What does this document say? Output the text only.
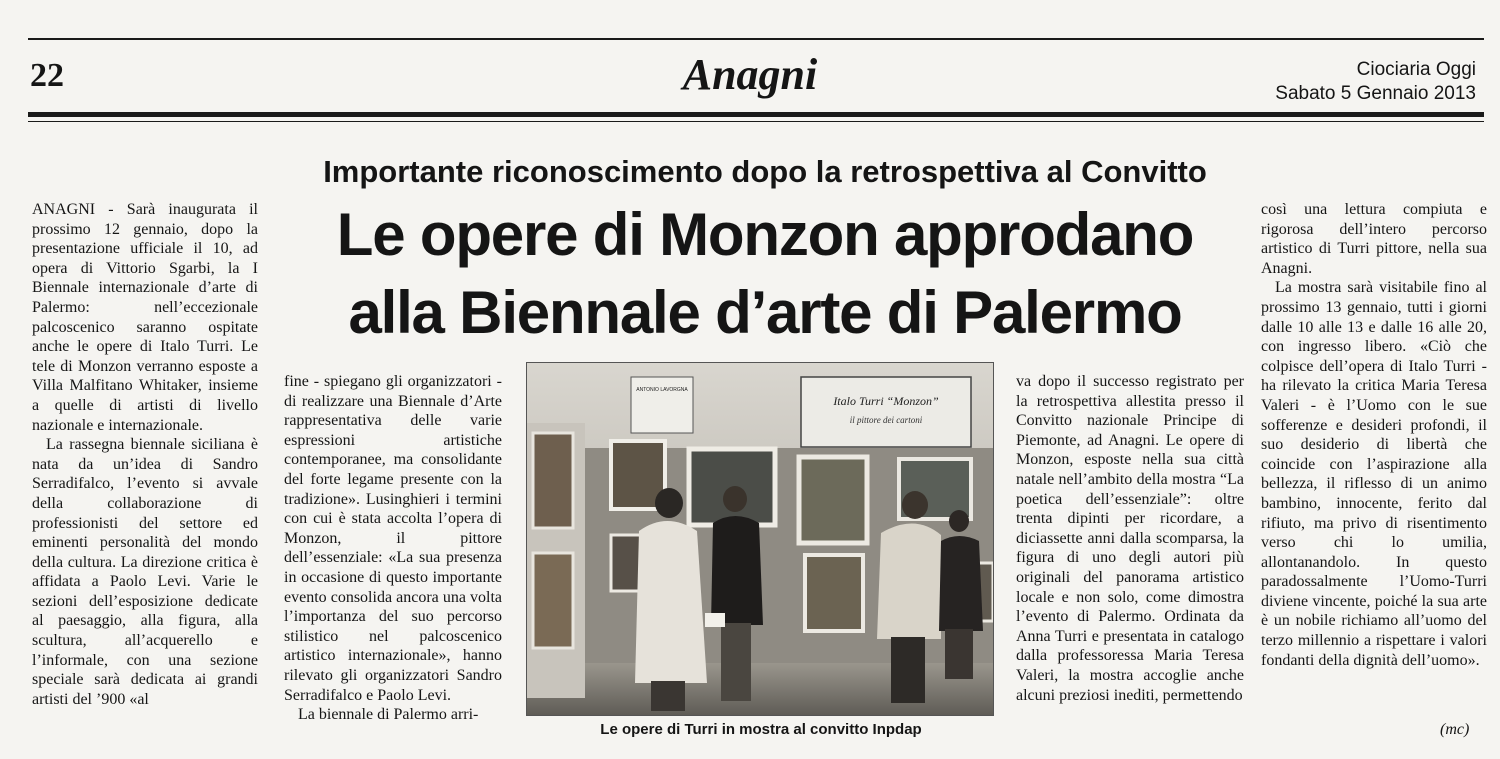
22	Anagni	Ciociaria Oggi
Sabato 5 Gennaio 2013
Importante riconoscimento dopo la retrospettiva al Convitto
Le opere di Monzon approdano
alla Biennale d’arte di Palermo

ANAGNI - Sarà inaugurata il prossimo 12 gennaio, dopo la presentazione ufficiale il 10, ad opera di Vittorio Sgarbi, la I Biennale internazionale d’arte di Palermo: nell’eccezionale palcoscenico saranno ospitate anche le opere di Italo Turri. Le tele di Monzon verranno esposte a Villa Malfitano Whitaker, insieme a quelle di artisti di livello nazionale e internazionale.

La rassegna biennale siciliana è nata da un’idea di Sandro Serradifalco, l’evento si avvale della collaborazione di professionisti del settore ed eminenti personalità del mondo della cultura. La direzione critica è affidata a Paolo Levi. Varie le sezioni dell’esposizione dedicate al paesaggio, alla figura, alla scultura, all’acquerello e l’informale, con una sezione speciale sarà dedicata ai grandi artisti del ’900 «al

fine - spiegano gli organizzatori - di realizzare una Biennale d’Arte rappresentativa delle varie espressioni artistiche contemporanee, ma consolidante del forte legame presente con la tradizione». Lusinghieri i termini con cui è stata accolta l’opera di Monzon, il pittore dell’essenziale: «La sua presenza in occasione di questo importante evento consolida ancora una volta l’importanza del suo percorso stilistico nel palcoscenico artistico internazionale», hanno rilevato gli organizzatori Sandro Serradifalco e Paolo Levi.

La biennale di Palermo arri-

va dopo il successo registrato per la retrospettiva allestita presso il Convitto nazionale Principe di Piemonte, ad Anagni. Le opere di Monzon, esposte nella sua città natale nell’ambito della mostra “La poetica dell’essenziale”: oltre trenta dipinti per ricordare, a diciassette anni dalla scomparsa, la figura di uno degli autori più originali del panorama artistico locale e non solo, come dimostra l’evento di Palermo. Ordinata da Anna Turri e presentata in catalogo dalla professoressa Maria Teresa Valeri, la mostra accoglie anche alcuni preziosi inediti, permettendo

così una lettura compiuta e rigorosa dell’intero percorso artistico di Turri pittore, nella sua Anagni.

La mostra sarà visitabile fino al prossimo 13 gennaio, tutti i giorni dalle 10 alle 13 e dalle 16 alle 20, con ingresso libero. «Ciò che colpisce dell’opera di Italo Turri - ha rilevato la critica Maria Teresa Valeri - è l’Uomo con le sue sofferenze e desideri profondi, il suo desiderio di libertà che coincide con l’aspirazione alla bellezza, il riflesso di un animo bambino, innocente, ferito dal rifiuto, ma privo di risentimento verso chi lo umilia, allontanandolo. In questo paradossalmente l’Uomo-Turri diviene vincente, poiché la sua arte è un nobile richiamo all’uomo del terzo millennio a rispettare i valori fondanti della dignità dell’uomo».

Italo Turri “Monzon”
il pittore dei cartoni
ANTONIO LAVORGNA
Le opere di Turri in mostra al convitto Inpdap	(mc)
